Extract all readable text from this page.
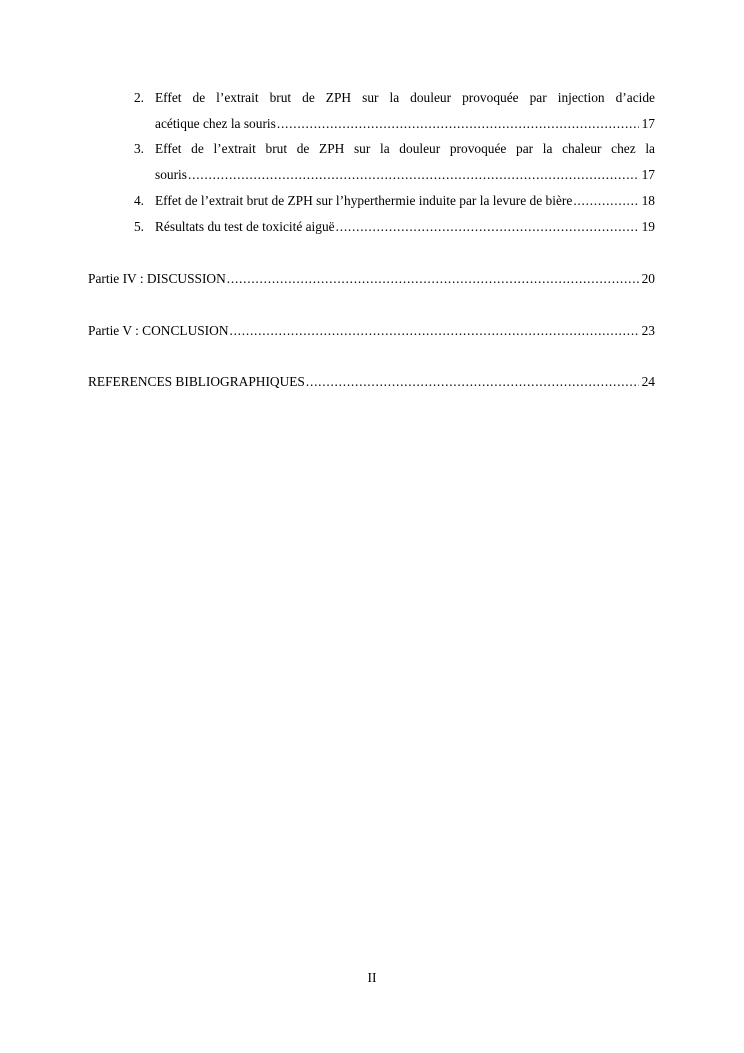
2. Effet de l’extrait brut de ZPH sur la douleur provoquée par injection d’acide
acétique chez la souris . . .	17
3. Effet de l’extrait brut de ZPH sur la douleur provoquée par la chaleur chez la
souris . . .	17
4. Effet de l’extrait brut de ZPH sur l’hyperthermie induite par la levure de bière . . .	18
5. Résultats du test de toxicité aiguë . . .	19
Partie IV : DISCUSSION . . .	20
Partie V : CONCLUSION . . .	23
REFERENCES BIBLIOGRAPHIQUES . . .	24
II
